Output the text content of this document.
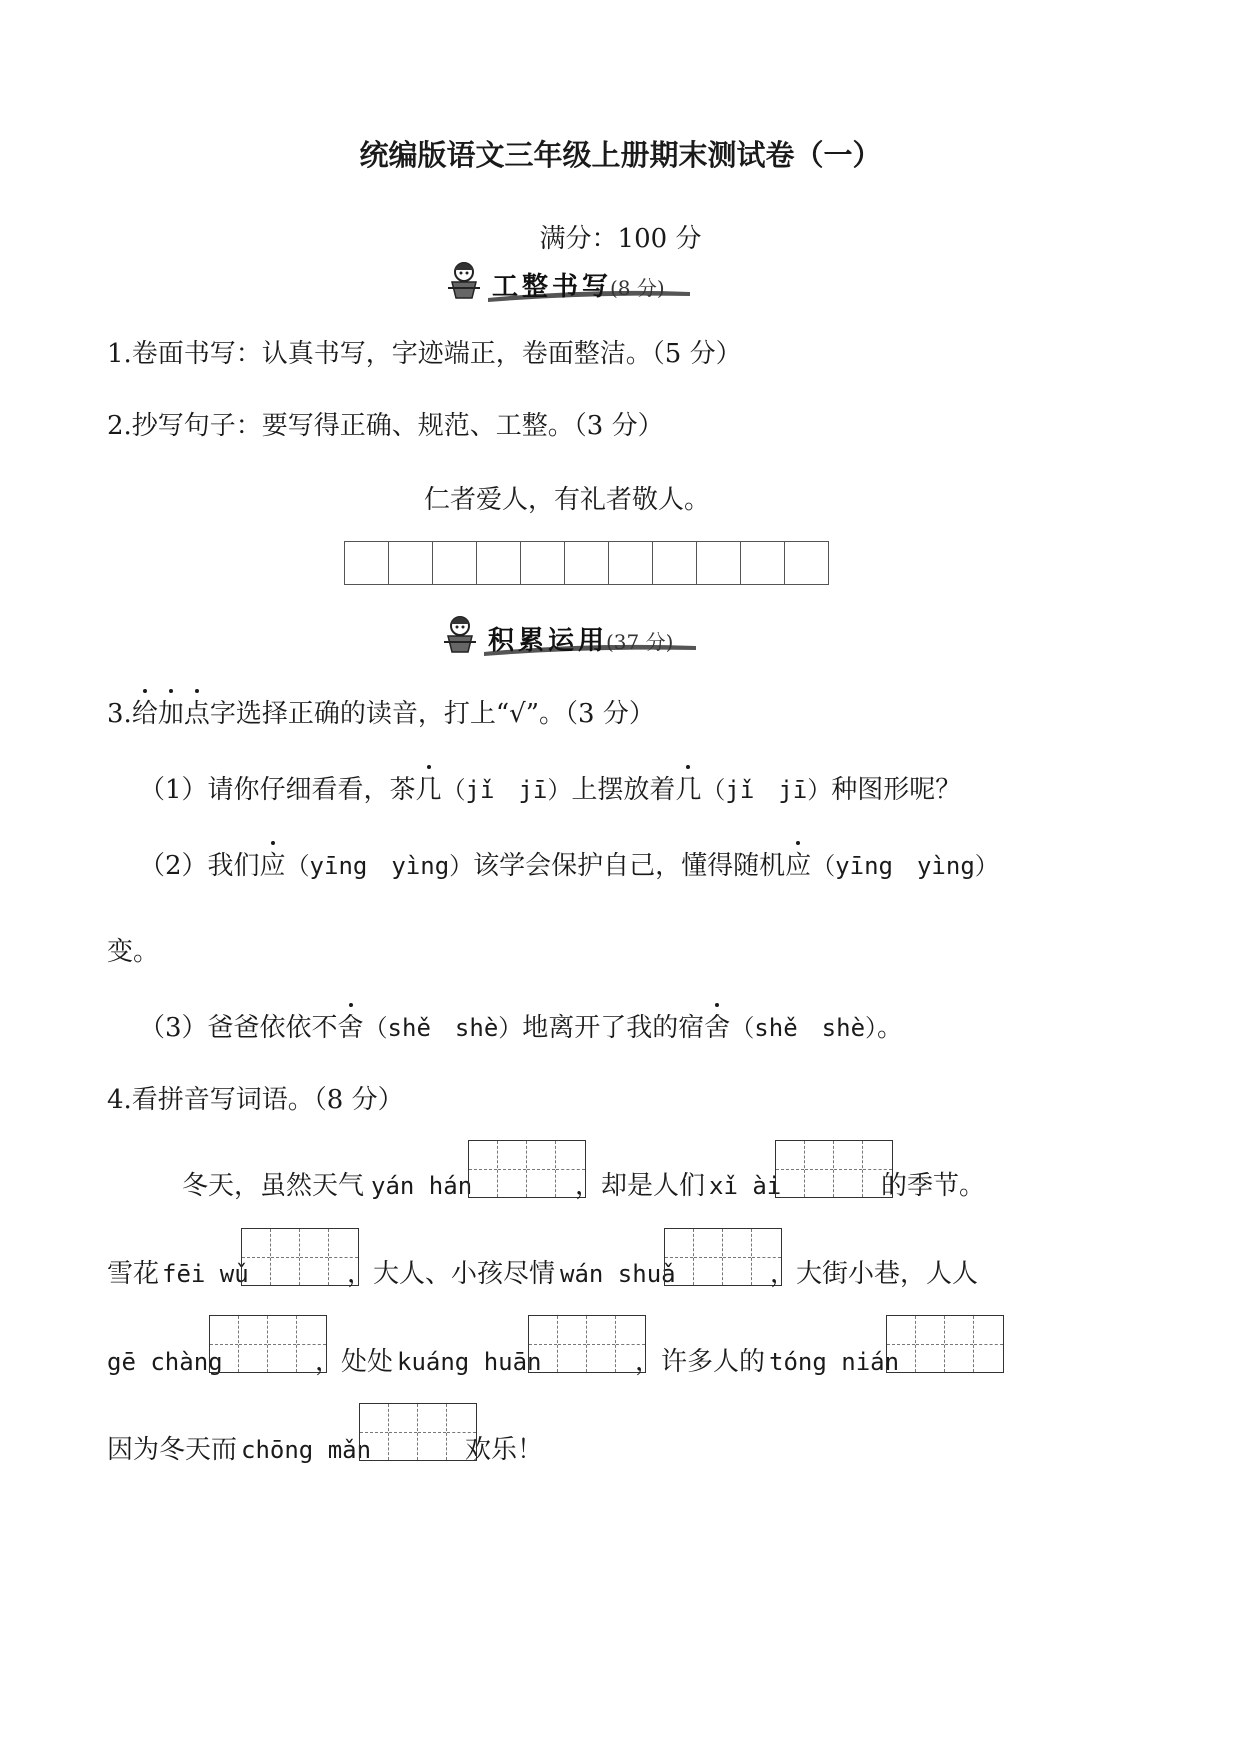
统编版语文三年级上册期末测试卷（一）
满分：100 分
工整书写
(8 分)
1.卷面书写：认真书写，字迹端正，卷面整洁。（5 分）
2.抄写句子：要写得正确、规范、工整。（3 分）
仁者爱人，有礼者敬人。
积累运用
(37 分)
3.给加点字选择正确的读音，打上“√”。（3 分）
（1）请你仔细看看，茶几（jǐ jī）上摆放着几（jǐ jī）种图形呢？
（2）我们应（yīng yìng）该学会保护自己，懂得随机应（yīng yìng）
变。
（3）爸爸依依不舍（shě shè）地离开了我的宿舍（shě shè）。
4.看拼音写词语。（8 分）
冬天，虽然天气 yán hán	，却是人们 xǐ ài	的季节。
雪花 fēi wǔ	，大人、小孩尽情 wán shuǎ	，大街小巷，人人
gē chàng	，处处 kuáng huān	，许多人的 tóng nián
因为冬天而 chōng mǎn	欢乐！
